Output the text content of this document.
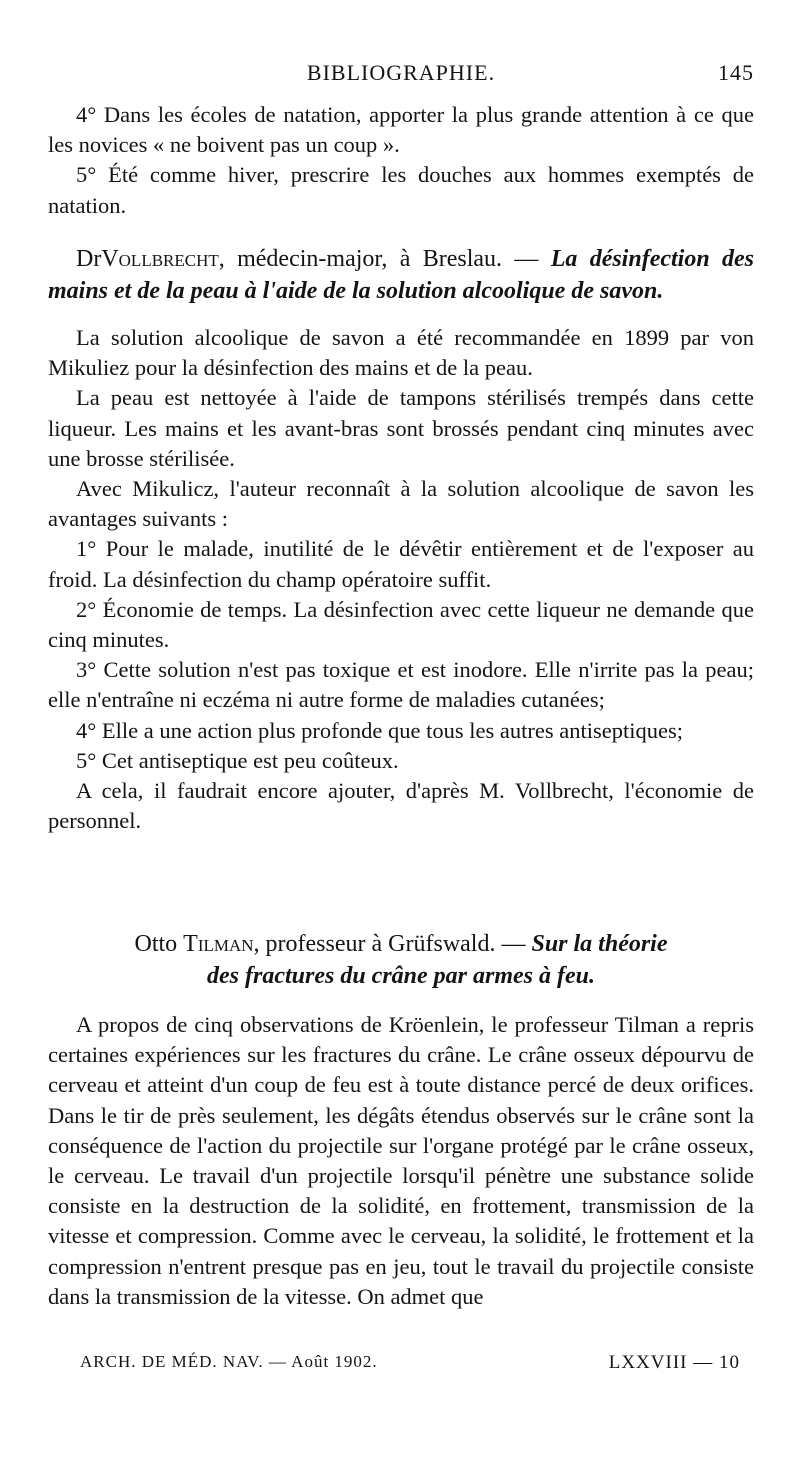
BIBLIOGRAPHIE.	145

4° Dans les écoles de natation, apporter la plus grande attention à ce que les novices « ne boivent pas un coup ».

5° Été comme hiver, prescrire les douches aux hommes exemptés de natation.

DrVollbrecht, médecin-major, à Breslau. — La désinfection des mains et de la peau à l'aide de la solution alcoolique de savon.

La solution alcoolique de savon a été recommandée en 1899 par von Mikuliez pour la désinfection des mains et de la peau.

La peau est nettoyée à l'aide de tampons stérilisés trempés dans cette liqueur. Les mains et les avant-bras sont brossés pendant cinq minutes avec une brosse stérilisée.

Avec Mikulicz, l'auteur reconnaît à la solution alcoolique de savon les avantages suivants :

1° Pour le malade, inutilité de le dévêtir entièrement et de l'exposer au froid. La désinfection du champ opératoire suffit.

2° Économie de temps. La désinfection avec cette liqueur ne demande que cinq minutes.

3° Cette solution n'est pas toxique et est inodore. Elle n'irrite pas la peau; elle n'entraîne ni eczéma ni autre forme de maladies cutanées;

4° Elle a une action plus profonde que tous les autres antiseptiques;

5° Cet antiseptique est peu coûteux.

A cela, il faudrait encore ajouter, d'après M. Vollbrecht, l'économie de personnel.

Otto Tilman, professeur à Grüfswald. — Sur la théorie

des fractures du crâne par armes à feu.

A propos de cinq observations de Kröenlein, le professeur Tilman a repris certaines expériences sur les fractures du crâne. Le crâne osseux dépourvu de cerveau et atteint d'un coup de feu est à toute distance percé de deux orifices. Dans le tir de près seulement, les dégâts étendus observés sur le crâne sont la conséquence de l'action du projectile sur l'organe protégé par le crâne osseux, le cerveau. Le travail d'un projectile lorsqu'il pénètre une substance solide consiste en la destruction de la solidité, en frottement, transmission de la vitesse et compression. Comme avec le cerveau, la solidité, le frottement et la compression n'entrent presque pas en jeu, tout le travail du projectile consiste dans la transmission de la vitesse. On admet que

ARCH. DE MÉD. NAV. — Août 1902.	LXXVIII — 10
